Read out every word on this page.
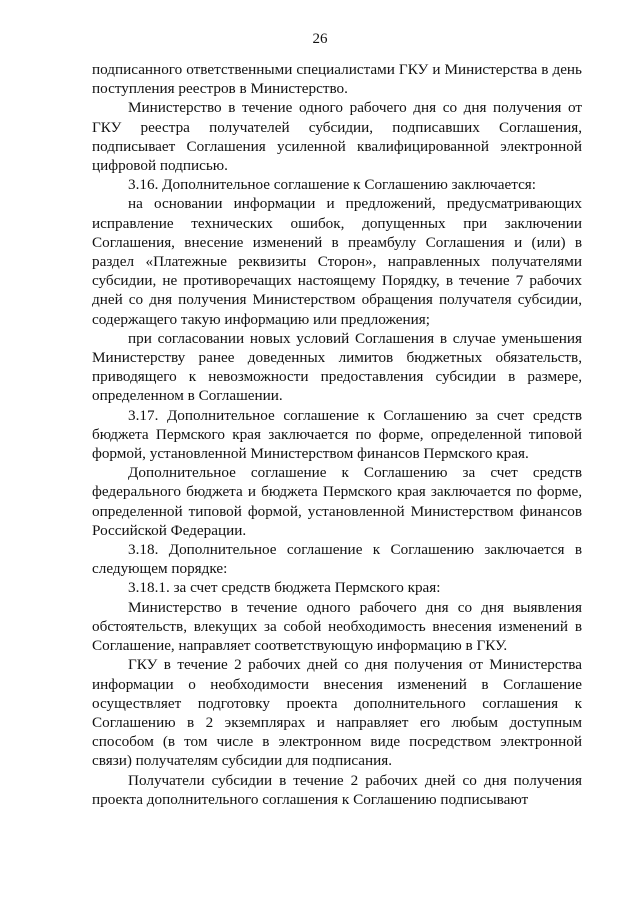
26

подписанного ответственными специалистами ГКУ и Министерства в день поступления реестров в Министерство.

Министерство в течение одного рабочего дня со дня получения от ГКУ реестра получателей субсидии, подписавших Соглашения, подписывает Соглашения усиленной квалифицированной электронной цифровой подписью.

3.16. Дополнительное соглашение к Соглашению заключается:

на основании информации и предложений, предусматривающих исправление технических ошибок, допущенных при заключении Соглашения, внесение изменений в преамбулу Соглашения и (или) в раздел «Платежные реквизиты Сторон», направленных получателями субсидии, не противоречащих настоящему Порядку, в течение 7 рабочих дней со дня получения Министерством обращения получателя субсидии, содержащего такую информацию или предложения;

при согласовании новых условий Соглашения в случае уменьшения Министерству ранее доведенных лимитов бюджетных обязательств, приводящего к невозможности предоставления субсидии в размере, определенном в Соглашении.

3.17. Дополнительное соглашение к Соглашению за счет средств бюджета Пермского края заключается по форме, определенной типовой формой, установленной Министерством финансов Пермского края.

Дополнительное соглашение к Соглашению за счет средств федерального бюджета и бюджета Пермского края заключается по форме, определенной типовой формой, установленной Министерством финансов Российской Федерации.

3.18. Дополнительное соглашение к Соглашению заключается в следующем порядке:

3.18.1. за счет средств бюджета Пермского края:

Министерство в течение одного рабочего дня со дня выявления обстоятельств, влекущих за собой необходимость внесения изменений в Соглашение, направляет соответствующую информацию в ГКУ.

ГКУ в течение 2 рабочих дней со дня получения от Министерства информации о необходимости внесения изменений в Соглашение осуществляет подготовку проекта дополнительного соглашения к Соглашению в 2 экземплярах и направляет его любым доступным способом (в том числе в электронном виде посредством электронной связи) получателям субсидии для подписания.

Получатели субсидии в течение 2 рабочих дней со дня получения проекта дополнительного соглашения к Соглашению подписывают
